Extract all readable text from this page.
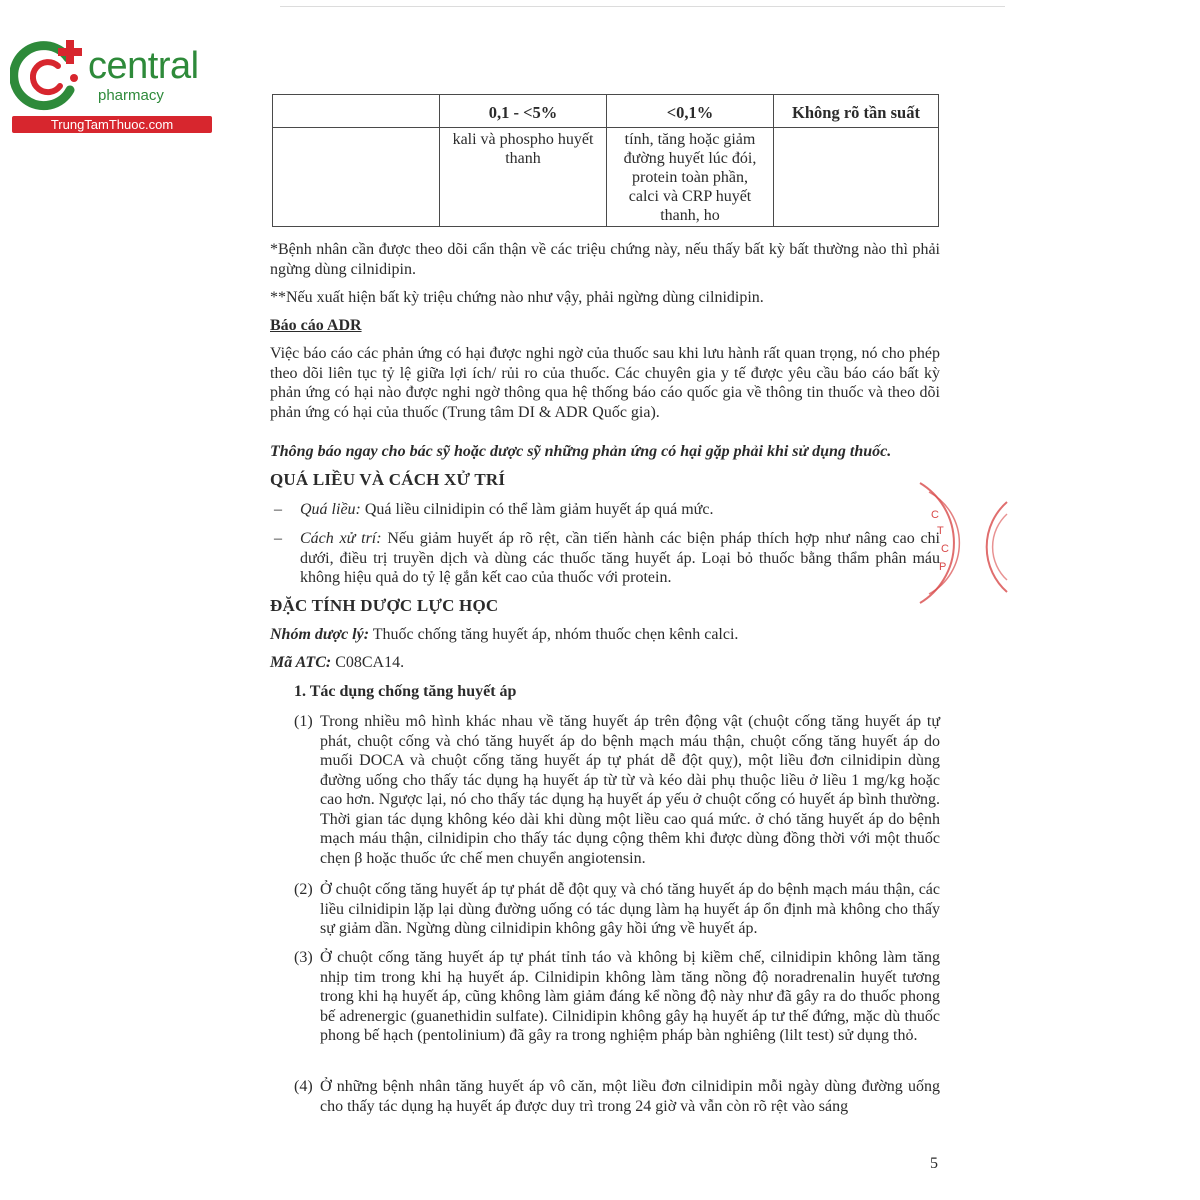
central
pharmacy
TrungTamThuoc.com
C
T
C
P
	0,1 - <5%	<0,1%	Không rõ tần suất
	kali và phospho huyết thanh	tính, tăng hoặc giảm đường huyết lúc đói, protein toàn phần, calci và CRP huyết thanh, ho	

*Bệnh nhân cần được theo dõi cẩn thận về các triệu chứng này, nếu thấy bất kỳ bất thường nào thì phải ngừng dùng cilnidipin.

**Nếu xuất hiện bất kỳ triệu chứng nào như vậy, phải ngừng dùng cilnidipin.

Báo cáo ADR

Việc báo cáo các phản ứng có hại được nghi ngờ của thuốc sau khi lưu hành rất quan trọng, nó cho phép theo dõi liên tục tỷ lệ giữa lợi ích/ rủi ro của thuốc. Các chuyên gia y tế được yêu cầu báo cáo bất kỳ phản ứng có hại nào được nghi ngờ thông qua hệ thống báo cáo quốc gia về thông tin thuốc và theo dõi phản ứng có hại của thuốc (Trung tâm DI & ADR Quốc gia).

Thông báo ngay cho bác sỹ hoặc dược sỹ những phản ứng có hại gặp phải khi sử dụng thuốc.
QUÁ LIỀU VÀ CÁCH XỬ TRÍ
– Quá liều: Quá liều cilnidipin có thể làm giảm huyết áp quá mức.
– Cách xử trí: Nếu giảm huyết áp rõ rệt, cần tiến hành các biện pháp thích hợp như nâng cao chi dưới, điều trị truyền dịch và dùng các thuốc tăng huyết áp. Loại bỏ thuốc bằng thẩm phân máu không hiệu quả do tỷ lệ gắn kết cao của thuốc với protein.
ĐẶC TÍNH DƯỢC LỰC HỌC
Nhóm dược lý: Thuốc chống tăng huyết áp, nhóm thuốc chẹn kênh calci.
Mã ATC: C08CA14.
1. Tác dụng chống tăng huyết áp
(1) Trong nhiều mô hình khác nhau về tăng huyết áp trên động vật (chuột cống tăng huyết áp tự phát, chuột cống và chó tăng huyết áp do bệnh mạch máu thận, chuột cống tăng huyết áp do muối DOCA và chuột cống tăng huyết áp tự phát dễ đột quỵ), một liều đơn cilnidipin dùng đường uống cho thấy tác dụng hạ huyết áp từ từ và kéo dài phụ thuộc liều ở liều 1 mg/kg hoặc cao hơn. Ngược lại, nó cho thấy tác dụng hạ huyết áp yếu ở chuột cống có huyết áp bình thường. Thời gian tác dụng không kéo dài khi dùng một liều cao quá mức. ở chó tăng huyết áp do bệnh mạch máu thận, cilnidipin cho thấy tác dụng cộng thêm khi được dùng đồng thời với một thuốc chẹn β hoặc thuốc ức chế men chuyển angiotensin.
(2) Ở chuột cống tăng huyết áp tự phát dễ đột quỵ và chó tăng huyết áp do bệnh mạch máu thận, các liều cilnidipin lặp lại dùng đường uống có tác dụng làm hạ huyết áp ổn định mà không cho thấy sự giảm dần. Ngừng dùng cilnidipin không gây hồi ứng về huyết áp.
(3) Ở chuột cống tăng huyết áp tự phát tỉnh táo và không bị kiềm chế, cilnidipin không làm tăng nhịp tim trong khi hạ huyết áp. Cilnidipin không làm tăng nồng độ noradrenalin huyết tương trong khi hạ huyết áp, cũng không làm giảm đáng kể nồng độ này như đã gây ra do thuốc phong bế adrenergic (guanethidin sulfate). Cilnidipin không gây hạ huyết áp tư thế đứng, mặc dù thuốc phong bế hạch (pentolinium) đã gây ra trong nghiệm pháp bàn nghiêng (lilt test) sử dụng thỏ.
(4) Ở những bệnh nhân tăng huyết áp vô căn, một liều đơn cilnidipin mỗi ngày dùng đường uống cho thấy tác dụng hạ huyết áp được duy trì trong 24 giờ và vẫn còn rõ rệt vào sáng
5
